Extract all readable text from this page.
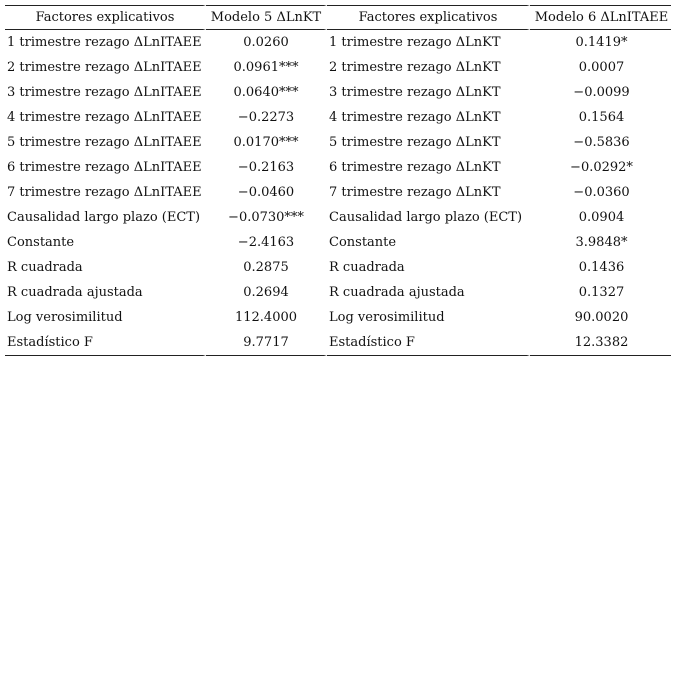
Factores explicativos	Modelo 5 ΔLnKT	Factores explicativos	Modelo 6 ΔLnITAEE
1 trimestre rezago ΔLnITAEE	0.0260	1 trimestre rezago ΔLnKT	0.1419*
2 trimestre rezago ΔLnITAEE	0.0961***	2 trimestre rezago ΔLnKT	0.0007
3 trimestre rezago ΔLnITAEE	0.0640***	3 trimestre rezago ΔLnKT	−0.0099
4 trimestre rezago ΔLnITAEE	−0.2273	4 trimestre rezago ΔLnKT	0.1564
5 trimestre rezago ΔLnITAEE	0.0170***	5 trimestre rezago ΔLnKT	−0.5836
6 trimestre rezago ΔLnITAEE	−0.2163	6 trimestre rezago ΔLnKT	−0.0292*
7 trimestre rezago ΔLnITAEE	−0.0460	7 trimestre rezago ΔLnKT	−0.0360
Causalidad largo plazo (ECT)	−0.0730***	Causalidad largo plazo (ECT)	0.0904
Constante	−2.4163	Constante	3.9848*
R cuadrada	0.2875	R cuadrada	0.1436
R cuadrada ajustada	0.2694	R cuadrada ajustada	0.1327
Log verosimilitud	112.4000	Log verosimilitud	90.0020
Estadístico F	9.7717	Estadístico F	12.3382
